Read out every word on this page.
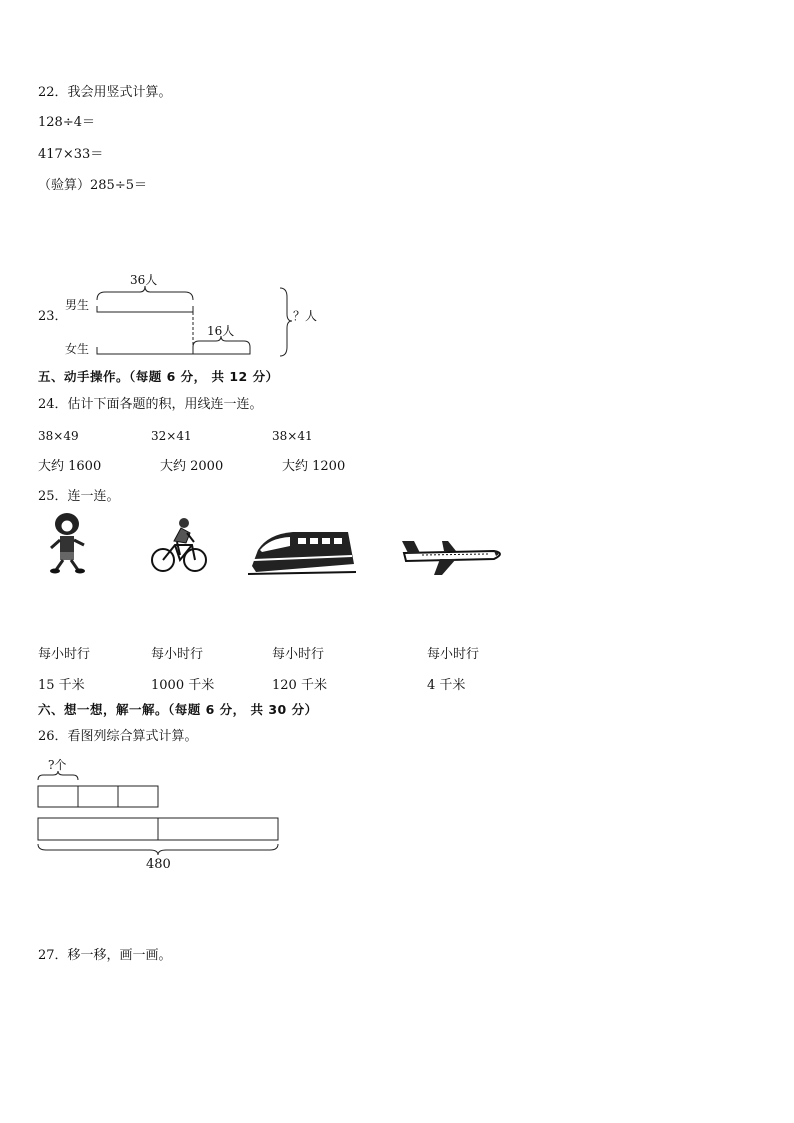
22．我会用竖式计算。
128÷4＝
417×33＝
（验算）285÷5＝
23．
男生
女生
36人
16人
？人
五、动手操作。（每题 6 分， 共 12 分）
24．估计下面各题的积，用线连一连。
38×49	32×41	38×41
大约 1600	大约 2000	大约 1200
25．连一连。
每小时行	每小时行	每小时行	每小时行
15 千米	1000 千米	120 千米	4 千米
六、想一想，解一解。（每题 6 分， 共 30 分）
26．看图列综合算式计算。
?个
480
27．移一移，画一画。
